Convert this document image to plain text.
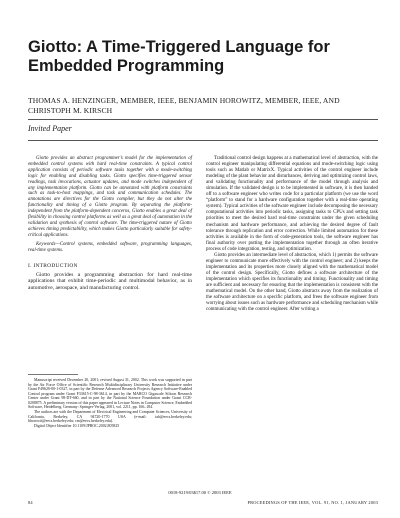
Giotto: A Time-Triggered Language for Embedded Programming
THOMAS A. HENZINGER, MEMBER, IEEE, BENJAMIN HOROWITZ, MEMBER, IEEE, AND CHRISTOPH M. KIRSCH
Invited Paper

Giotto provides an abstract programmer’s model for the implementation of embedded control systems with hard real-time constraints. A typical control application consists of periodic software tasks together with a mode-switching logic for enabling and disabling tasks. Giotto specifies time-triggered sensor readings, task invocations, actuator updates, and mode switches independent of any implementation platform. Giotto can be annotated with platform constraints such as task-to-host mappings, and task and communication schedules. The annotations are directives for the Giotto compiler, but they do not alter the functionality and timing of a Giotto program. By separating the platform-independent from the platform-dependent concerns, Giotto enables a great deal of flexibility in choosing control platforms as well as a great deal of automation in the validation and synthesis of control software. The time-triggered nature of Giotto achieves timing predictability, which makes Giotto particularly suitable for safety-critical applications.

Keywords—Control systems, embedded software, programming languages, real-time systems.

I. INTRODUCTION

Giotto provides a programming abstraction for hard real-time applications that exhibit time-periodic and multimodal behavior, as in automotive, aerospace, and manufacturing control.

Manuscript received December 20, 2001; revised August 31, 2002. This work was supported in part by the Air Force Office of Scientific Research Multidisciplinary University Research Initiative under Grant F49620-00-1-0327, in part by the Defense Advanced Research Projects Agency Software-Enabled Control program under Grant F33615-C-98-3614, in part by the MARCO Gigascale Silicon Research Center under Grant 98-DT-660, and in part by the National Science Foundation under Grant CCR-0208875. A preliminary version of this paper appeared in Lecture Notes in Computer Science, Embedded Software, Heidelberg, Germany: Springer-Verlag, 2001, vol. 2211, pp. 166–184.

The authors are with the Department of Electrical Engineering and Computer Sciences, University of California, Berkeley, CA 94720-1770 USA (e-mail: tah@eecs.berkeley.edu; bhorowit@eecs.berkeley.edu; cm@eecs.berkeley.edu).

Digital Object Identifier 10.1109/JPROC.2002.805825

Traditional control design happens at a mathematical level of abstraction, with the control engineer manipulating differential equations and mode-switching logic using tools such as Matlab or MatrixX. Typical activities of the control engineer include modeling of the plant behavior and disturbances, deriving and optimizing control laws, and validating functionality and performance of the model through analysis and simulation. If the validated design is to be implemented in software, it is then handed off to a software engineer who writes code for a particular platform (we use the word “platform” to stand for a hardware configuration together with a real-time operating system). Typical activities of the software engineer include decomposing the necessary computational activities into periodic tasks, assigning tasks to CPUs and setting task priorities to meet the desired hard real-time constraints under the given scheduling mechanism and hardware performance, and achieving the desired degree of fault tolerance through replication and error correction. While limited automation for these activities is available in the form of code-generation tools, the software engineer has final authority over putting the implementation together through an often iterative process of code integration, testing, and optimization.

Giotto provides an intermediate level of abstraction, which 1) permits the software engineer to communicate more effectively with the control engineer; and 2) keeps the implementation and its properties more closely aligned with the mathematical model of the control design. Specifically, Giotto defines a software architecture of the implementation which specifies its functionality and timing. Functionality and timing are sufficient and necessary for ensuring that the implementation is consistent with the mathematical model. On the other hand, Giotto abstracts away from the realization of the software architecture on a specific platform, and frees the software engineer from worrying about issues such as hardware performance and scheduling mechanism while communicating with the control engineer. After writing a

0018-9219/03$17.00 © 2003 IEEE
84	PROCEEDINGS OF THE IEEE, VOL. 91, NO. 1, JANUARY 2003
